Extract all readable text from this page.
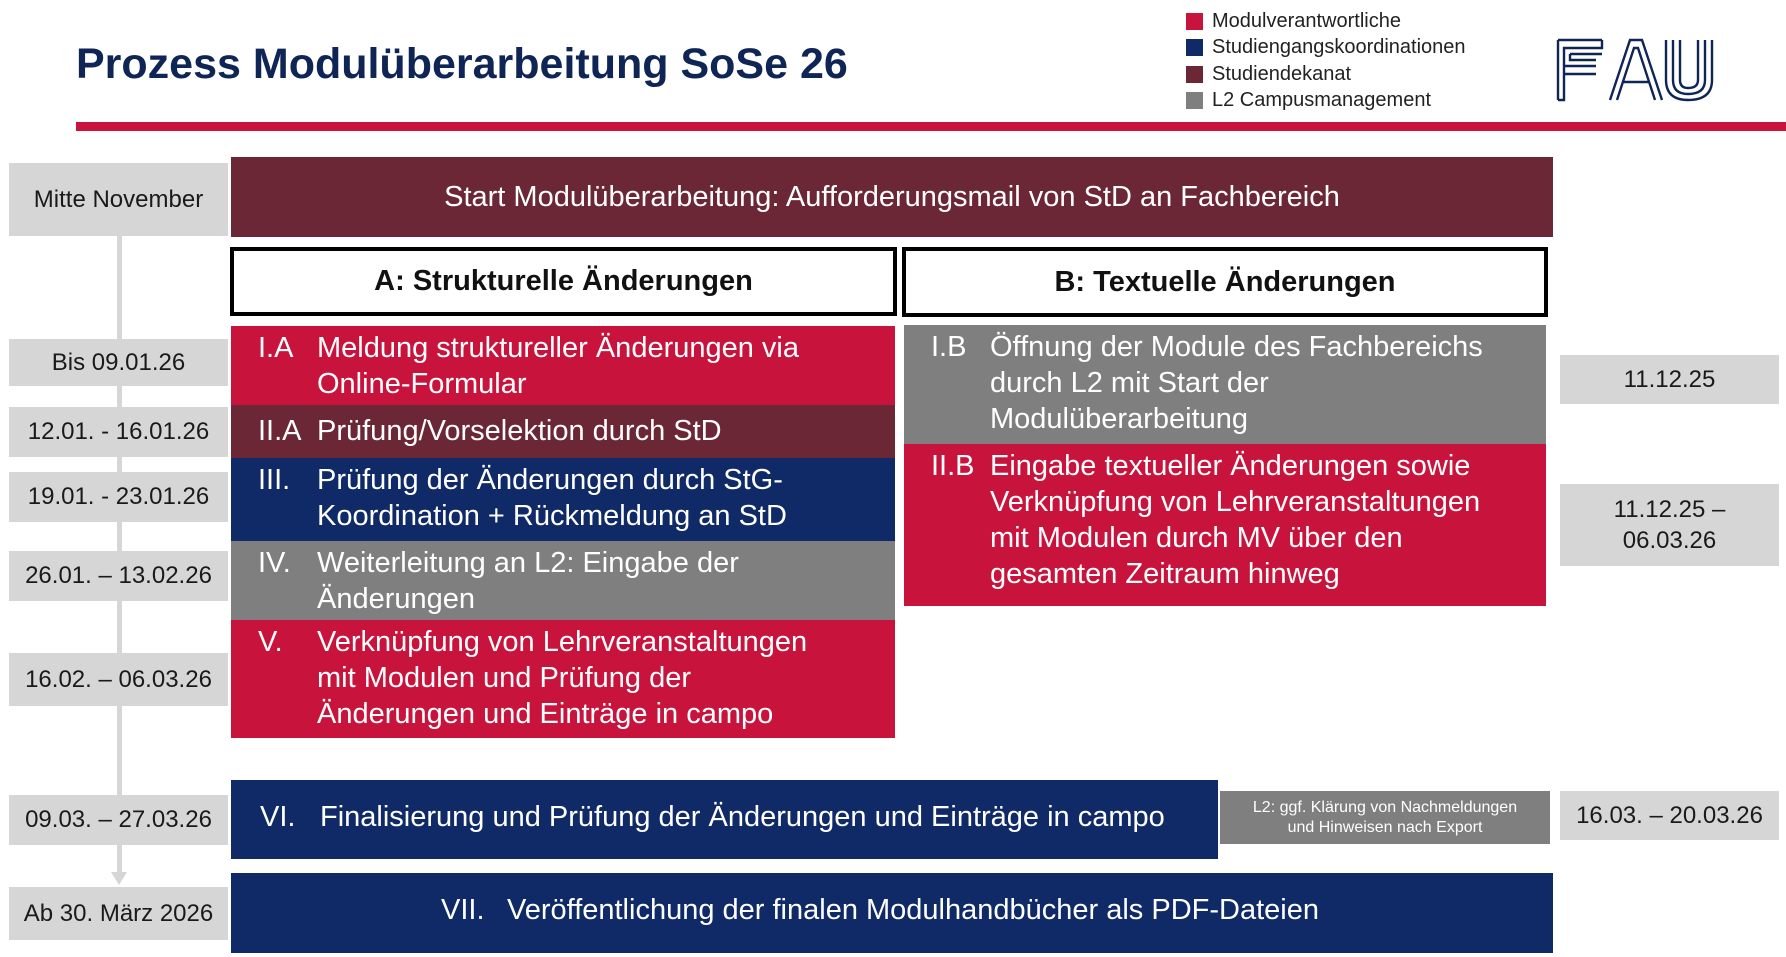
Prozess Modulüberarbeitung SoSe 26
Modulverantwortliche
Studiengangskoordinationen
Studiendekanat
L2 Campusmanagement
Mitte November
Bis 09.01.26
12.01. - 16.01.26
19.01. - 23.01.26
26.01. – 13.02.26
16.02. – 06.03.26
09.03. – 27.03.26
Ab 30. März 2026
11.12.25
11.12.25 –
06.03.26
16.03. – 20.03.26
Start Modulüberarbeitung: Aufforderungsmail von StD an Fachbereich
A: Strukturelle Änderungen	B: Textuelle Änderungen
I.A Meldung struktureller Änderungen via
Online-Formular
II.A Prüfung/Vorselektion durch StD
III. Prüfung der Änderungen durch StG-
Koordination + Rückmeldung an StD
IV. Weiterleitung an L2: Eingabe der
Änderungen
V. Verknüpfung von Lehrveranstaltungen
mit Modulen und Prüfung der
Änderungen und Einträge in campo
I.B Öffnung der Module des Fachbereichs
durch L2 mit Start der
Modulüberarbeitung
II.B Eingabe textueller Änderungen sowie
Verknüpfung von Lehrveranstaltungen
mit Modulen durch MV über den
gesamten Zeitraum hinweg
VI. Finalisierung und Prüfung der Änderungen und Einträge in campo	L2: ggf. Klärung von Nachmeldungen
und Hinweisen nach Export
VII. Veröffentlichung der finalen Modulhandbücher als PDF-Dateien
